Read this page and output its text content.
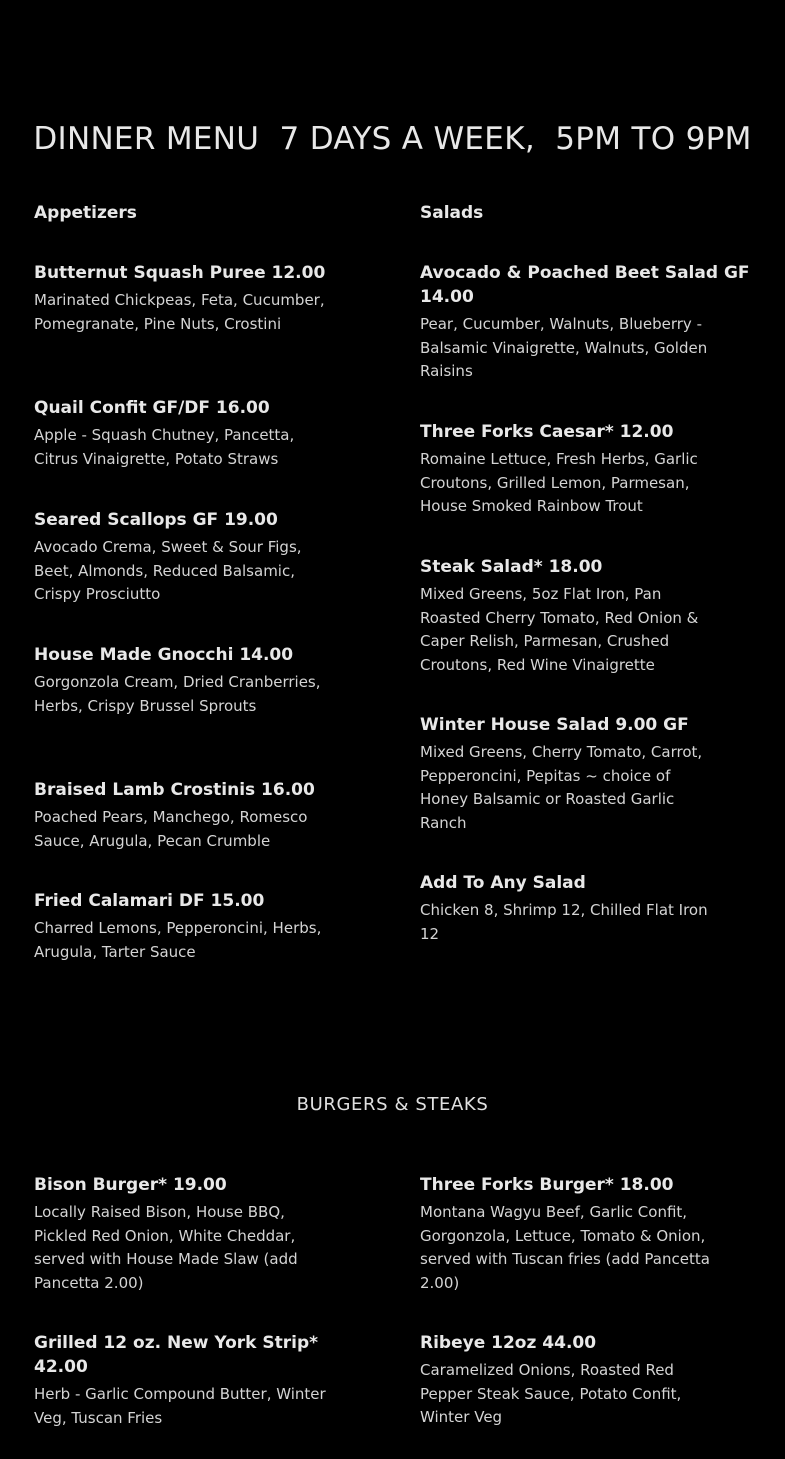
DINNER MENU  7 DAYS A WEEK,  5PM TO 9PM
Appetizers
Butternut Squash Puree 12.00
Marinated Chickpeas, Feta, Cucumber, Pomegranate, Pine Nuts, Crostini
Quail Confit GF/DF 16.00
Apple - Squash Chutney, Pancetta, Citrus Vinaigrette, Potato Straws
Seared Scallops GF 19.00
Avocado Crema, Sweet & Sour Figs, Beet, Almonds, Reduced Balsamic, Crispy Prosciutto
House Made Gnocchi 14.00
Gorgonzola Cream, Dried Cranberries, Herbs, Crispy Brussel Sprouts
Braised Lamb Crostinis 16.00
Poached Pears, Manchego, Romesco Sauce, Arugula, Pecan Crumble
Fried Calamari DF 15.00
Charred Lemons, Pepperoncini, Herbs, Arugula, Tarter Sauce
Salads
Avocado & Poached Beet Salad GF
14.00
Pear, Cucumber, Walnuts, Blueberry - Balsamic Vinaigrette, Walnuts, Golden Raisins
Three Forks Caesar* 12.00
Romaine Lettuce, Fresh Herbs, Garlic Croutons, Grilled Lemon, Parmesan, House Smoked Rainbow Trout
Steak Salad* 18.00
Mixed Greens, 5oz Flat Iron, Pan Roasted Cherry Tomato, Red Onion & Caper Relish, Parmesan, Crushed Croutons, Red Wine Vinaigrette
Winter House Salad 9.00 GF
Mixed Greens, Cherry Tomato, Carrot, Pepperoncini, Pepitas ~ choice of Honey Balsamic or Roasted Garlic Ranch
Add To Any Salad
Chicken 8, Shrimp 12, Chilled Flat Iron 12
BURGERS & STEAKS
Bison Burger* 19.00
Locally Raised Bison, House BBQ, Pickled Red Onion, White Cheddar, served with House Made Slaw (add Pancetta 2.00)
Grilled 12 oz. New York Strip*
42.00
Herb - Garlic Compound Butter, Winter Veg, Tuscan Fries
Three Forks Burger* 18.00
Montana Wagyu Beef, Garlic Confit, Gorgonzola, Lettuce, Tomato & Onion, served with Tuscan fries (add Pancetta 2.00)
Ribeye 12oz 44.00
Caramelized Onions, Roasted Red Pepper Steak Sauce, Potato Confit, Winter Veg
